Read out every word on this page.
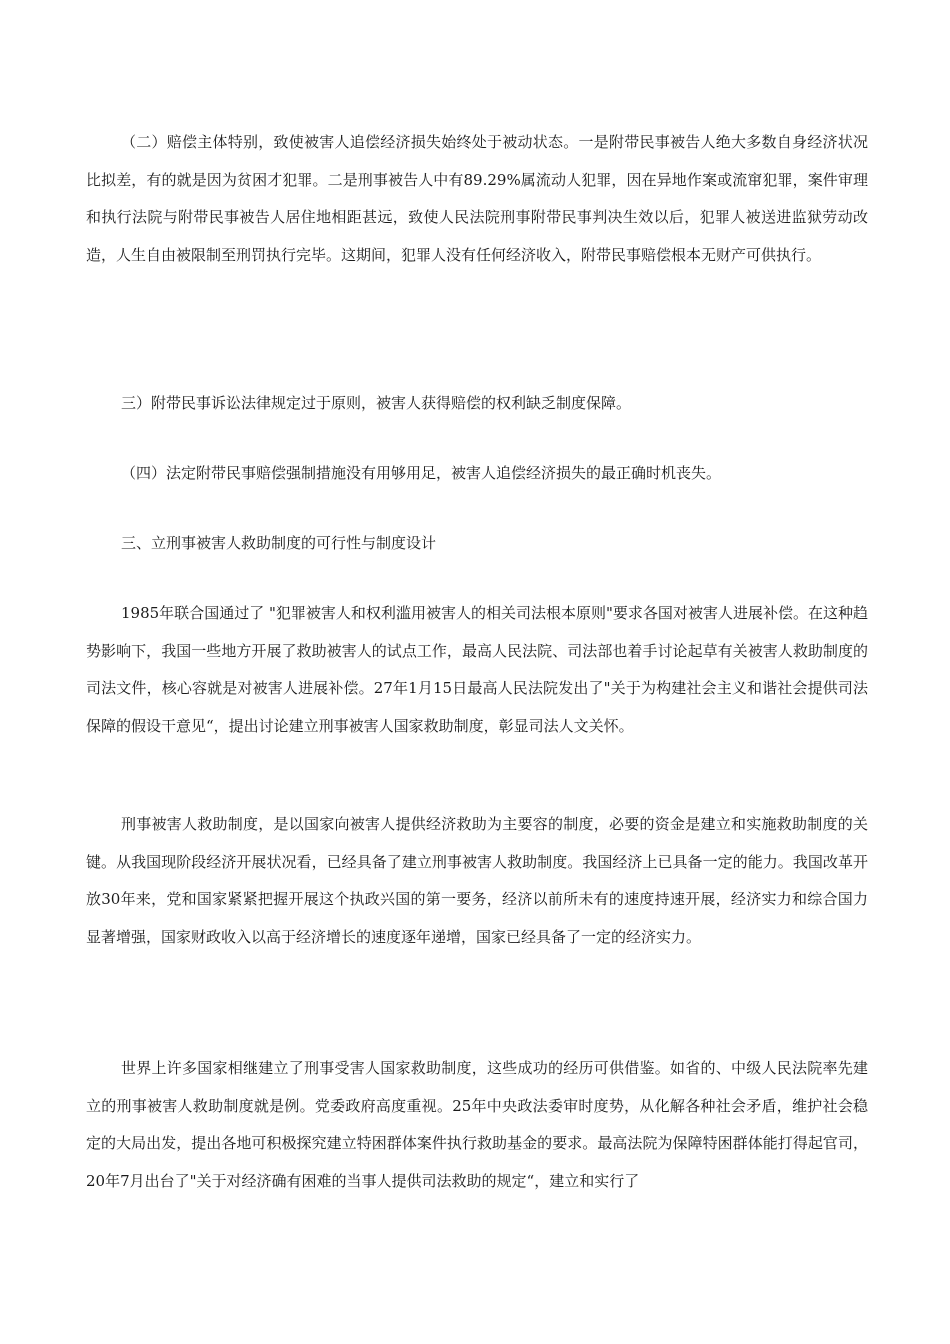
（二）赔偿主体特别，致使被害人追偿经济损失始终处于被动状态。一是附带民事被告人绝大多数自身经济状况比拟差，有的就是因为贫困才犯罪。二是刑事被告人中有89.29%属流动人犯罪，因在异地作案或流窜犯罪，案件审理和执行法院与附带民事被告人居住地相距甚远，致使人民法院刑事附带民事判决生效以后，犯罪人被送进监狱劳动改造，人生自由被限制至刑罚执行完毕。这期间，犯罪人没有任何经济收入，附带民事赔偿根本无财产可供执行。

三）附带民事诉讼法律规定过于原则，被害人获得赔偿的权利缺乏制度保障。

（四）法定附带民事赔偿强制措施没有用够用足，被害人追偿经济损失的最正确时机丧失。

三、立刑事被害人救助制度的可行性与制度设计

1985年联合国通过了 "犯罪被害人和权利滥用被害人的相关司法根本原则"要求各国对被害人进展补偿。在这种趋势影响下，我国一些地方开展了救助被害人的试点工作，最高人民法院、司法部也着手讨论起草有关被害人救助制度的司法文件，核心容就是对被害人进展补偿。27年1月15日最高人民法院发出了"关于为构建社会主义和谐社会提供司法保障的假设干意见“，提出讨论建立刑事被害人国家救助制度，彰显司法人文关怀。

刑事被害人救助制度，是以国家向被害人提供经济救助为主要容的制度，必要的资金是建立和实施救助制度的关键。从我国现阶段经济开展状况看，已经具备了建立刑事被害人救助制度。我国经济上已具备一定的能力。我国改革开放30年来，党和国家紧紧把握开展这个执政兴国的第一要务，经济以前所未有的速度持速开展，经济实力和综合国力显著增强，国家财政收入以高于经济增长的速度逐年递增，国家已经具备了一定的经济实力。

世界上许多国家相继建立了刑事受害人国家救助制度，这些成功的经历可供借鉴。如省的、中级人民法院率先建立的刑事被害人救助制度就是例。党委政府高度重视。25年中央政法委审时度势，从化解各种社会矛盾，维护社会稳定的大局出发，提出各地可积极探究建立特困群体案件执行救助基金的要求。最高法院为保障特困群体能打得起官司，20年7月出台了"关于对经济确有困难的当事人提供司法救助的规定“，建立和实行了
